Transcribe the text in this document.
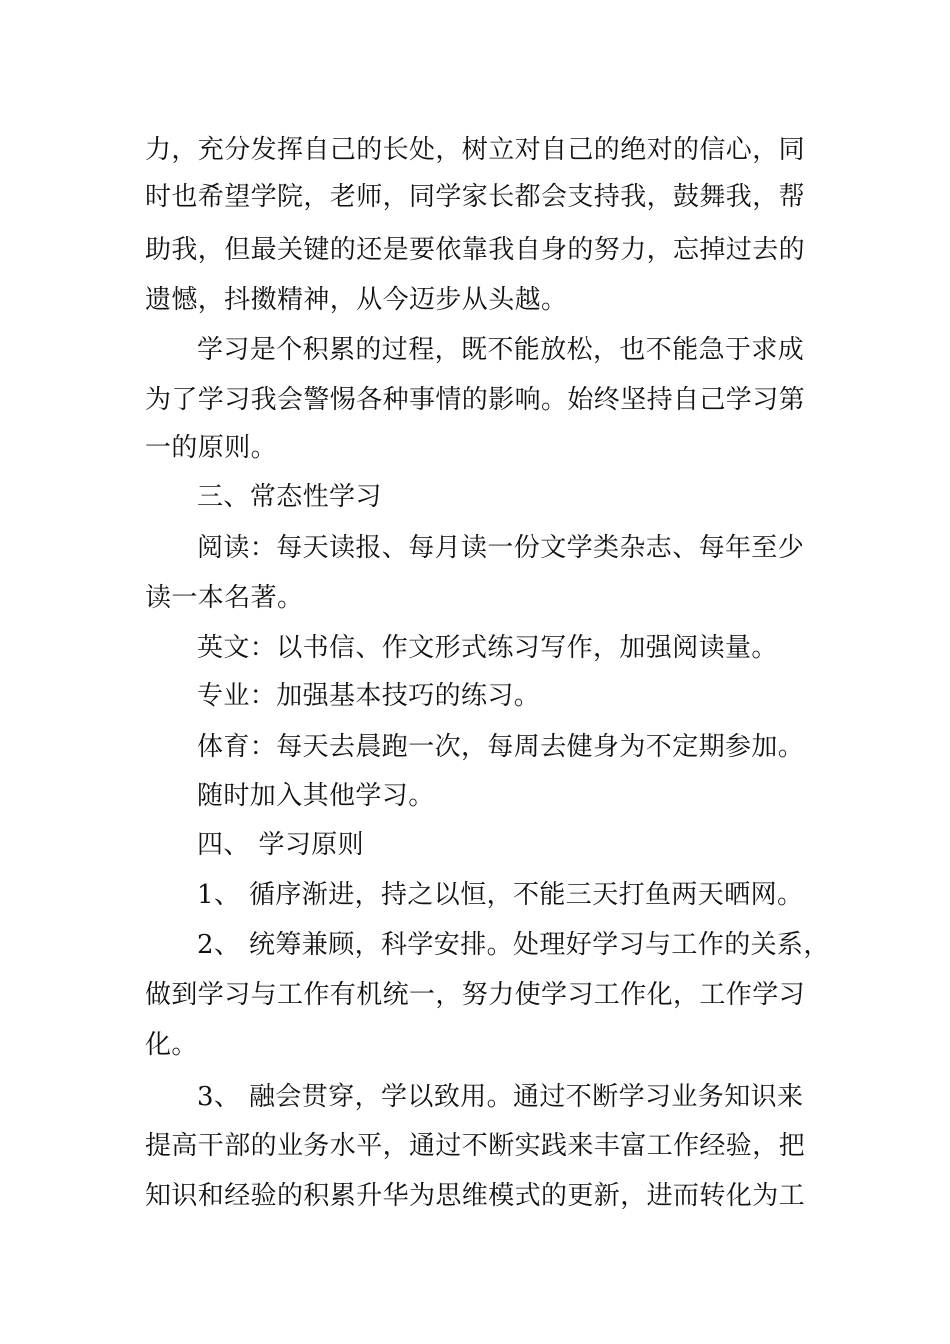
力，充分发挥自己的长处，树立对自己的绝对的信心，同
时也希望学院，老师，同学家长都会支持我，鼓舞我，帮
助我，但最关键的还是要依靠我自身的努力，忘掉过去的
遗憾，抖擞精神，从今迈步从头越。
学习是个积累的过程，既不能放松，也不能急于求成
为了学习我会警惕各种事情的影响。始终坚持自己学习第
一的原则。
三、常态性学习
阅读：每天读报、每月读一份文学类杂志、每年至少
读一本名著。
英文：以书信、作文形式练习写作，加强阅读量。
专业：加强基本技巧的练习。
体育：每天去晨跑一次，每周去健身为不定期参加。
随时加入其他学习。
四、 学习原则
1、 循序渐进，持之以恒，不能三天打鱼两天晒网。
2、 统筹兼顾，科学安排。处理好学习与工作的关系，
做到学习与工作有机统一，努力使学习工作化，工作学习
化。
3、 融会贯穿，学以致用。通过不断学习业务知识来
提高干部的业务水平，通过不断实践来丰富工作经验，把
知识和经验的积累升华为思维模式的更新，进而转化为工
